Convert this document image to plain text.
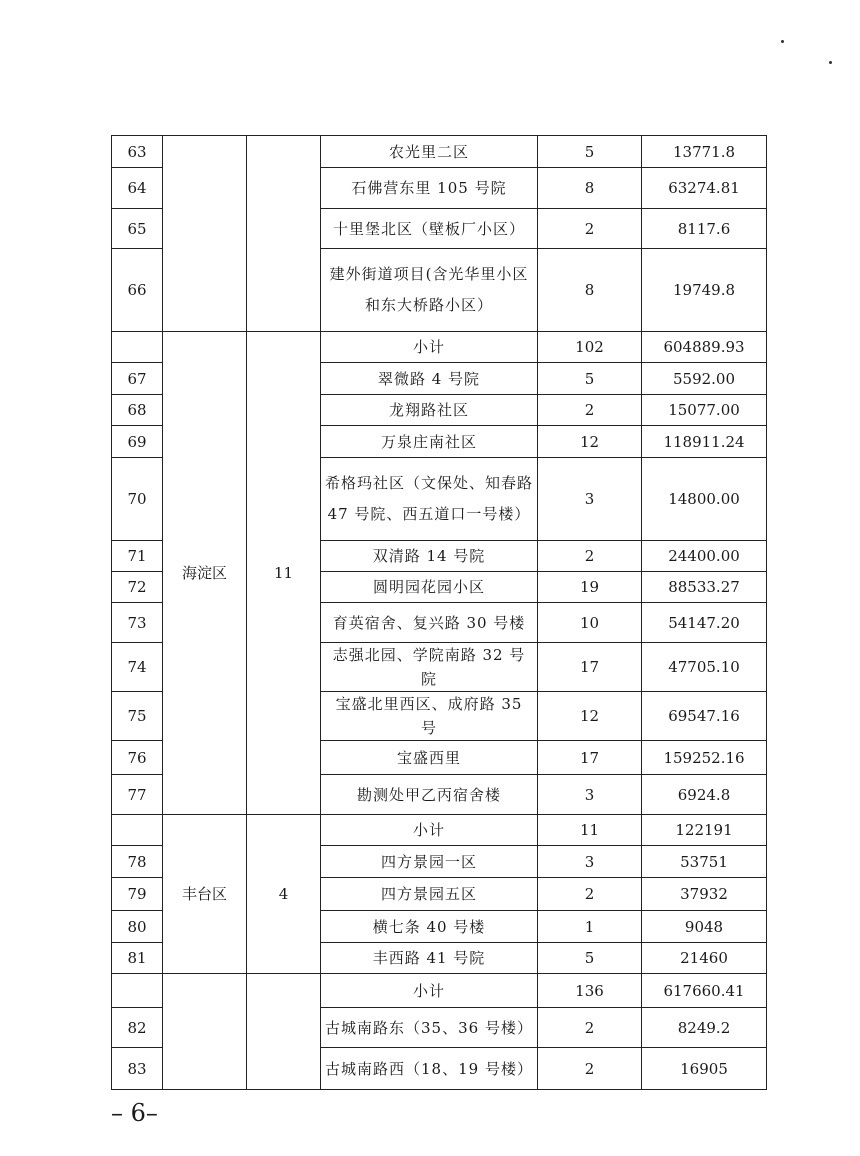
63			农光里二区	5	13771.8
64			石佛营东里 105 号院	8	63274.81
65			十里堡北区（壁板厂小区）	2	8117.6
66			建外街道项目(含光华里小区和东大桥路小区）	8	19749.8
	海淀区	11	小计	102	604889.93
67			翠微路 4 号院	5	5592.00
68			龙翔路社区	2	15077.00
69			万泉庄南社区	12	118911.24
70			希格玛社区（文保处、知春路 47 号院、西五道口一号楼）	3	14800.00
71			双清路 14 号院	2	24400.00
72			圆明园花园小区	19	88533.27
73			育英宿舍、复兴路 30 号楼	10	54147.20
74			志强北园、学院南路 32 号院	17	47705.10
75			宝盛北里西区、成府路 35 号	12	69547.16
76			宝盛西里	17	159252.16
77			勘测处甲乙丙宿舍楼	3	6924.8
	丰台区	4	小计	11	122191
78			四方景园一区	3	53751
79			四方景园五区	2	37932
80			横七条 40 号楼	1	9048
81			丰西路 41 号院	5	21460
			小计	136	617660.41
82			古城南路东（35、36 号楼）	2	8249.2
83			古城南路西（18、19 号楼）	2	16905
– 6–
